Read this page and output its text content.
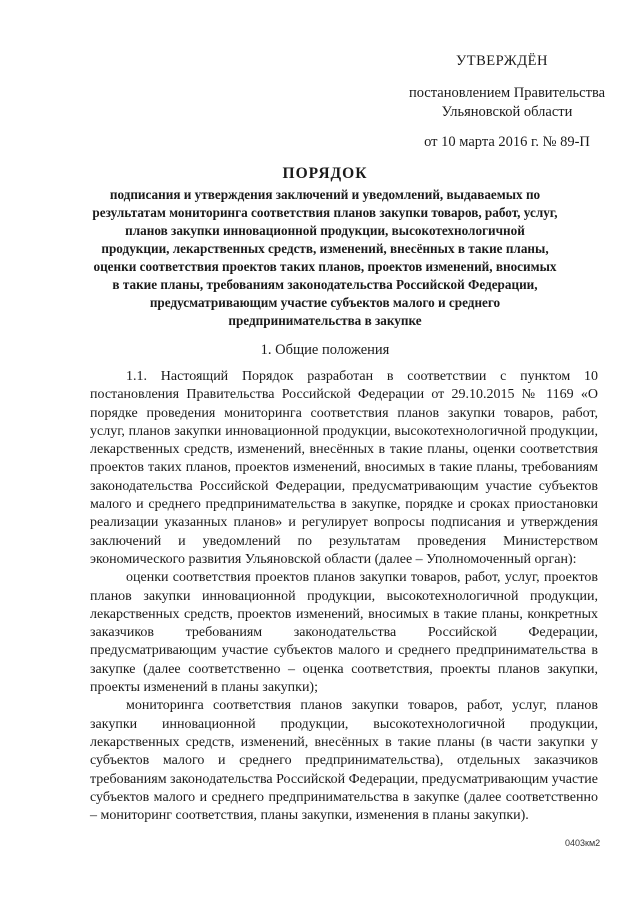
УТВЕРЖДЁН
постановлением Правительства
Ульяновской области
от 10 марта 2016 г. № 89-П
ПОРЯДОК
подписания и утверждения заключений и уведомлений, выдаваемых по результатам мониторинга соответствия планов закупки товаров, работ, услуг, планов закупки инновационной продукции, высокотехнологичной продукции, лекарственных средств, изменений, внесённых в такие планы, оценки соответствия проектов таких планов, проектов изменений, вносимых в такие планы, требованиям законодательства Российской Федерации, предусматривающим участие субъектов малого и среднего предпринимательства в закупке
1. Общие положения

1.1. Настоящий Порядок разработан в соответствии с пунктом 10 постановления Правительства Российской Федерации от 29.10.2015 № 1169 «О порядке проведения мониторинга соответствия планов закупки товаров, работ, услуг, планов закупки инновационной продукции, высокотехнологичной продукции, лекарственных средств, изменений, внесённых в такие планы, оценки соответствия проектов таких планов, проектов изменений, вносимых в такие планы, требованиям законодательства Российской Федерации, предусматривающим участие субъектов малого и среднего предпринимательства в закупке, порядке и сроках приостановки реализации указанных планов» и регулирует вопросы подписания и утверждения заключений и уведомлений по результатам проведения Министерством экономического развития Ульяновской области (далее – Уполномоченный орган):

оценки соответствия проектов планов закупки товаров, работ, услуг, проектов планов закупки инновационной продукции, высокотехнологичной продукции, лекарственных средств, проектов изменений, вносимых в такие планы, конкретных заказчиков требованиям законодательства Российской Федерации, предусматривающим участие субъектов малого и среднего предпринимательства в закупке (далее соответственно – оценка соответствия, проекты планов закупки, проекты изменений в планы закупки);

мониторинга соответствия планов закупки товаров, работ, услуг, планов закупки инновационной продукции, высокотехнологичной продукции, лекарственных средств, изменений, внесённых в такие планы (в части закупки у субъектов малого и среднего предпринимательства), отдельных заказчиков требованиям законодательства Российской Федерации, предусматривающим участие субъектов малого и среднего предпринимательства в закупке (далее соответственно – мониторинг соответствия, планы закупки, изменения в планы закупки).

0403км2
